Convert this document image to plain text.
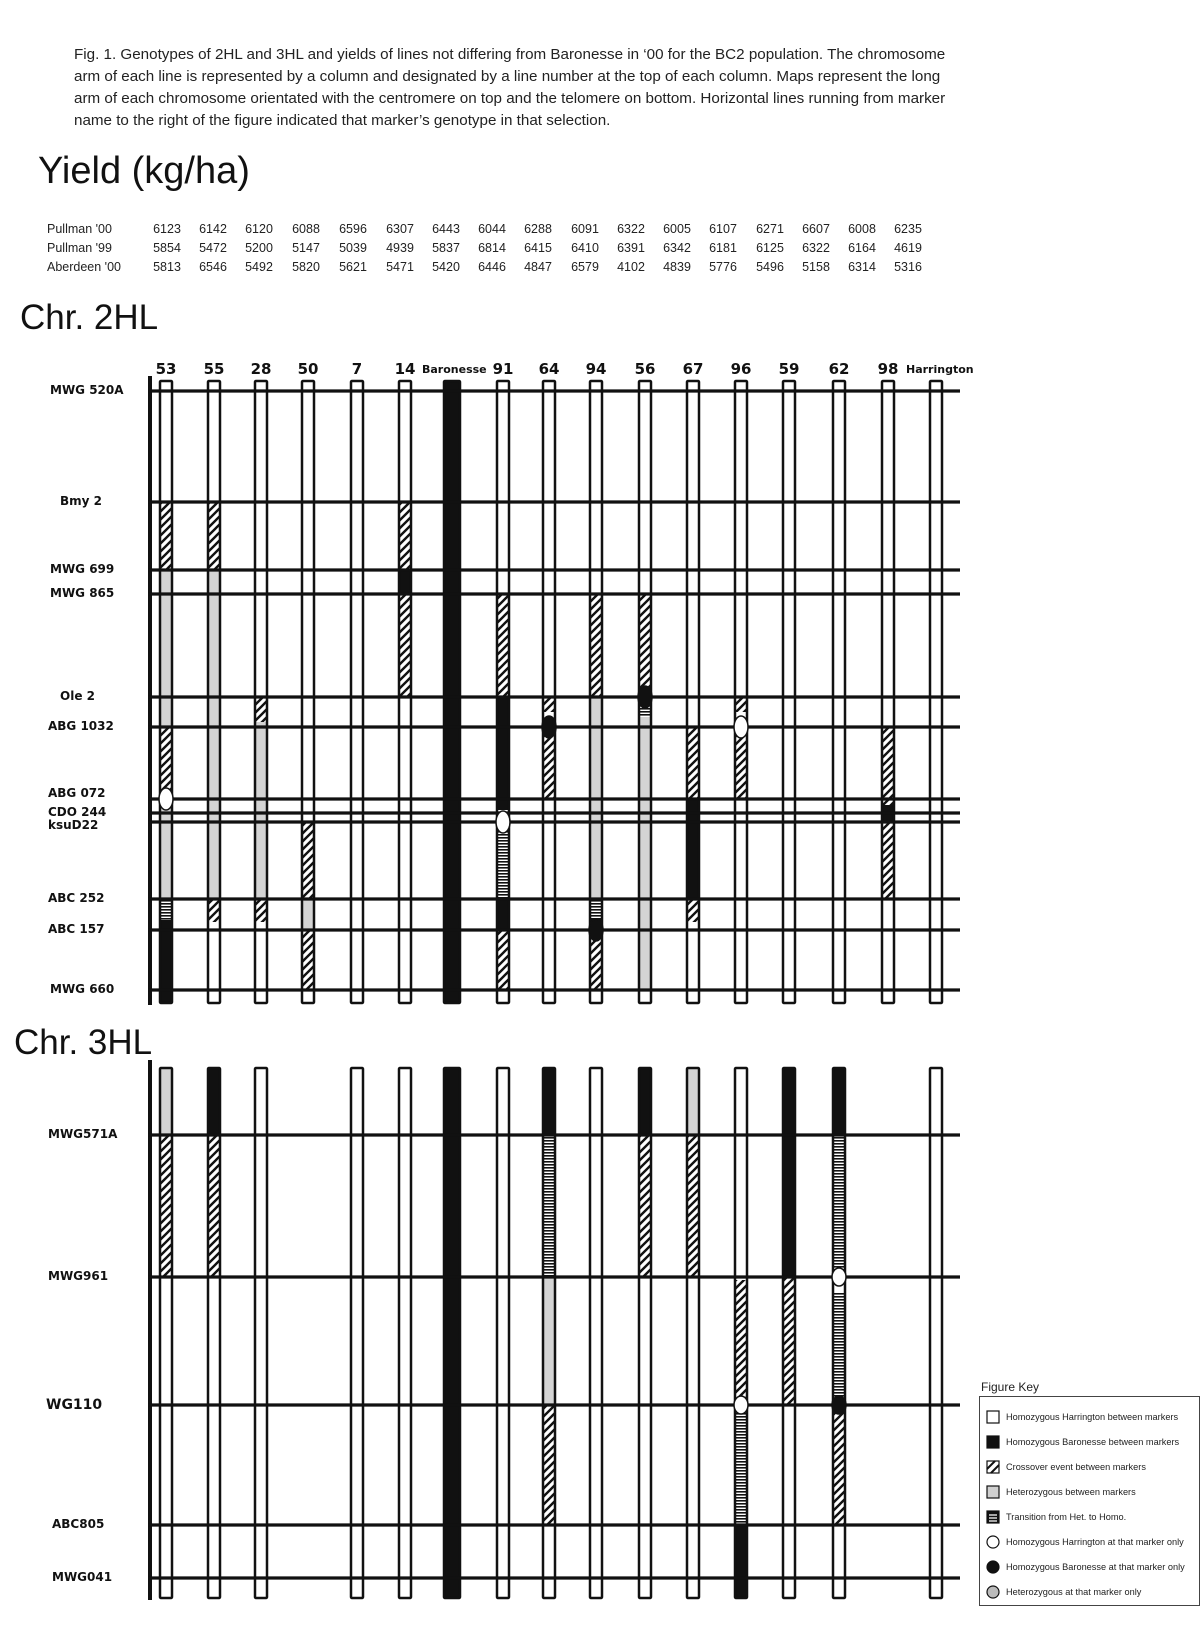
Fig. 1. Genotypes of 2HL and 3HL and yields of lines not differing from Baronesse in ‘00 for the BC2 population. The chromosome arm of each line is represented by a column and designated by a line number at the top of each column. Maps represent the long arm of each chromosome orientated with the centromere on top and the telomere on bottom. Horizontal lines running from marker name to the right of the figure indicated that marker’s genotype in that selection.
Yield (kg/ha)
Pullman '00	6123	6142	6120	6088	6596	6307	6443	6044	6288	6091	6322	6005	6107	6271	6607	6008	6235
Pullman '99	5854	5472	5200	5147	5039	4939	5837	6814	6415	6410	6391	6342	6181	6125	6322	6164	4619
Aberdeen '00	5813	6546	5492	5820	5621	5471	5420	6446	4847	6579	4102	4839	5776	5496	5158	6314	5316
Chr. 2HL
Chr. 3HL
53	55	28	50	7	14 Baronesse 91	64	94	56	67	96	59	62	98 Harrington
MWG 520A
Bmy 2
MWG 699
MWG 865
Ole 2
ABG 1032
ABG 072
CDO 244
ksuD22
ABC 252
ABC 157
MWG 660
MWG571A
MWG961
WG110
ABC805
MWG041
Figure Key
Homozygous Harrington between markers
Homozygous Baronesse between markers
Crossover event between markers
Heterozygous between markers
Transition from Het. to Homo.
Homozygous Harrington at that marker only
Homozygous Baronesse at that marker only
Heterozygous at that marker only
